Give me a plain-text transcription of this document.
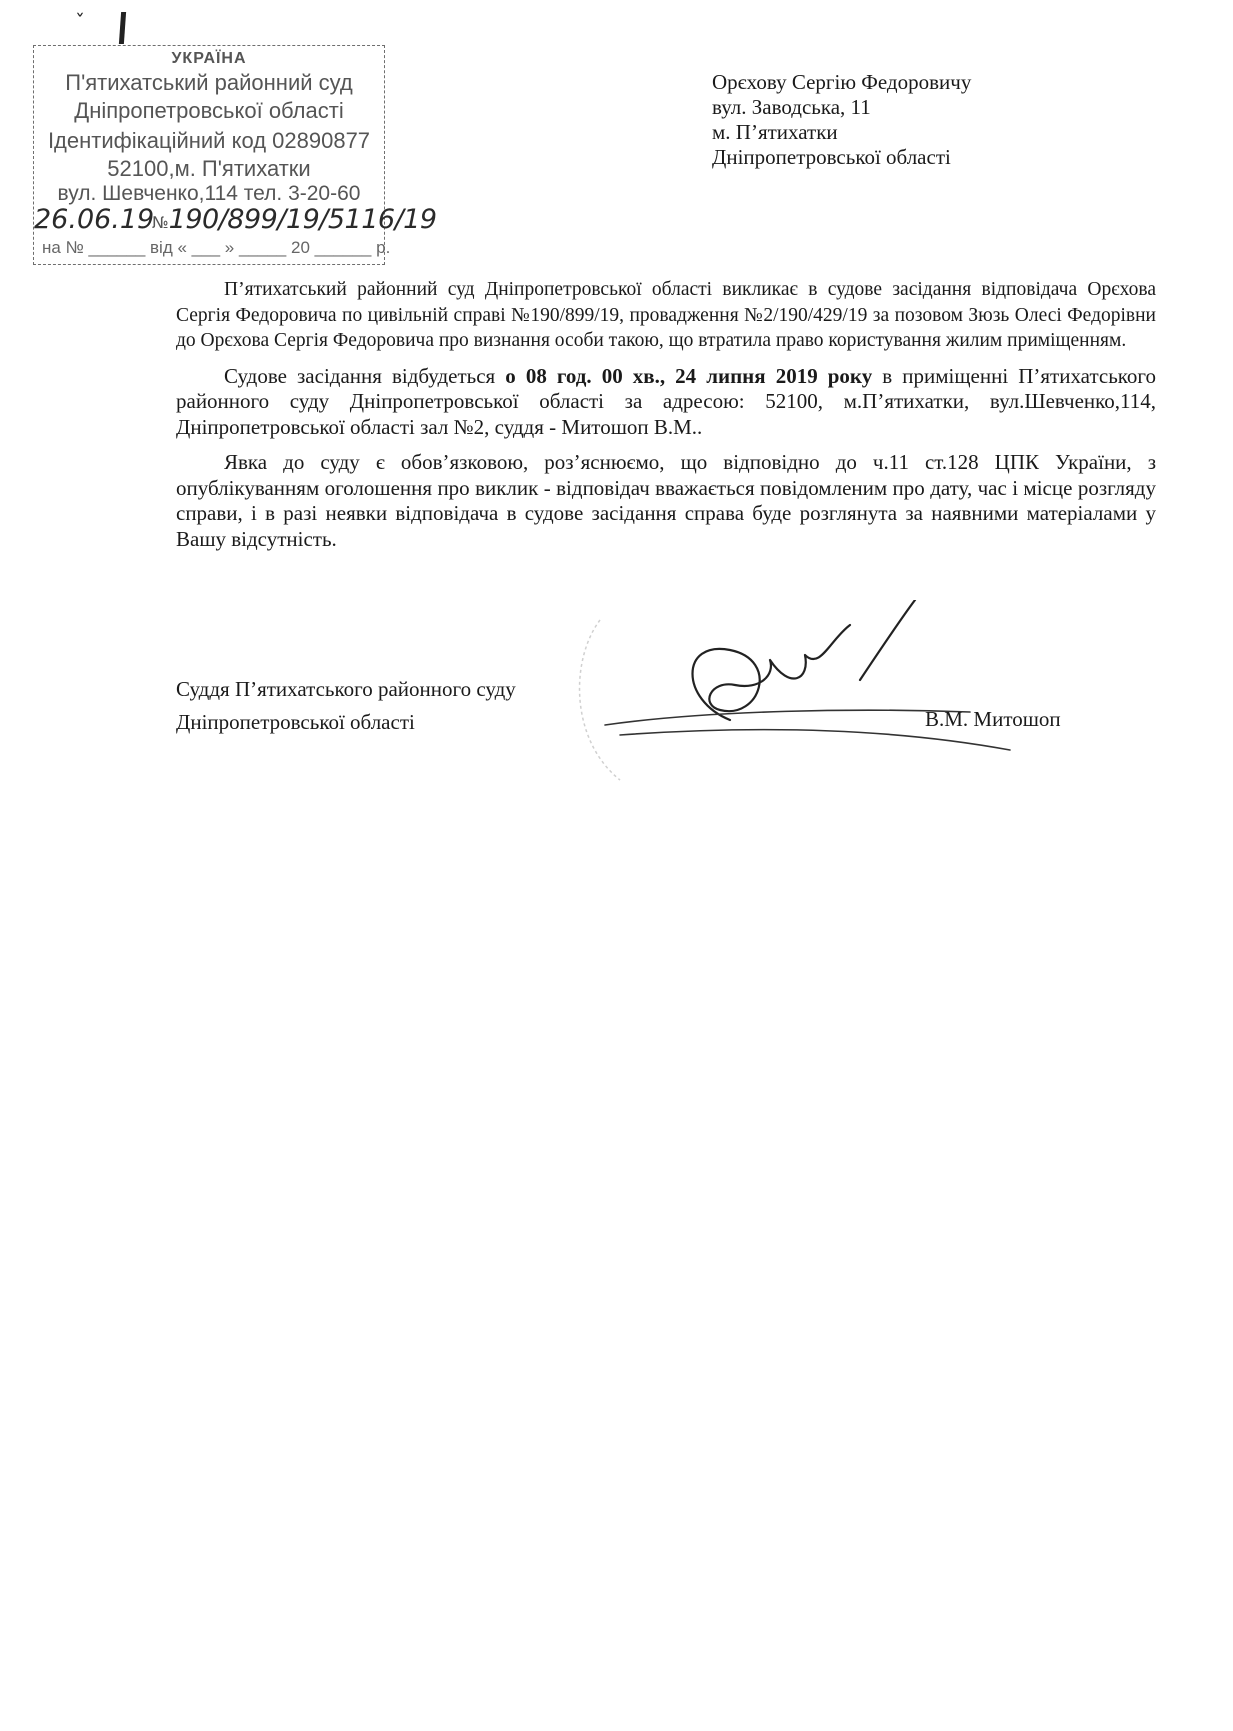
ˇ
УКРАЇНА
П'ятихатський районний суд
Дніпропетровської області
Ідентифікаційний код 02890877
52100,м. П'ятихатки
вул. Шевченко,114 тел. 3-20-60
26.06.19№190/899/19/5116/19
на № ______ від « ___ » _____ 20 ______ р.
Орєхову Сергію Федоровичу
вул. Заводська, 11
м. П’ятихатки
Дніпропетровської області

П’ятихатський районний суд Дніпропетровської області викликає в судове засідання відповідача Орєхова Сергія Федоровича по цивільній справі №190/899/19, провадження №2/190/429/19 за позовом Зюзь Олесі Федорівни до Орєхова Сергія Федоровича про визнання особи такою, що втратила право користування жилим приміщенням.

Судове засідання відбудеться о 08 год. 00 хв., 24 липня 2019 року в приміщенні П’ятихатського районного суду Дніпропетровської області за адресою: 52100, м.П’ятихатки, вул.Шевченко,114, Дніпропетровської області зал №2, суддя - Митошоп В.М..

Явка до суду є обов’язковою, роз’яснюємо, що відповідно до ч.11 ст.128 ЦПК України, з опублікуванням оголошення про виклик - відповідач вважається повідомленим про дату, час і місце розгляду справи, і в разі неявки відповідача в судове засідання справа буде розглянута за наявними матеріалами у Вашу відсутність.

Суддя П’ятихатського районного суду
Дніпропетровської області	В.М. Митошоп
